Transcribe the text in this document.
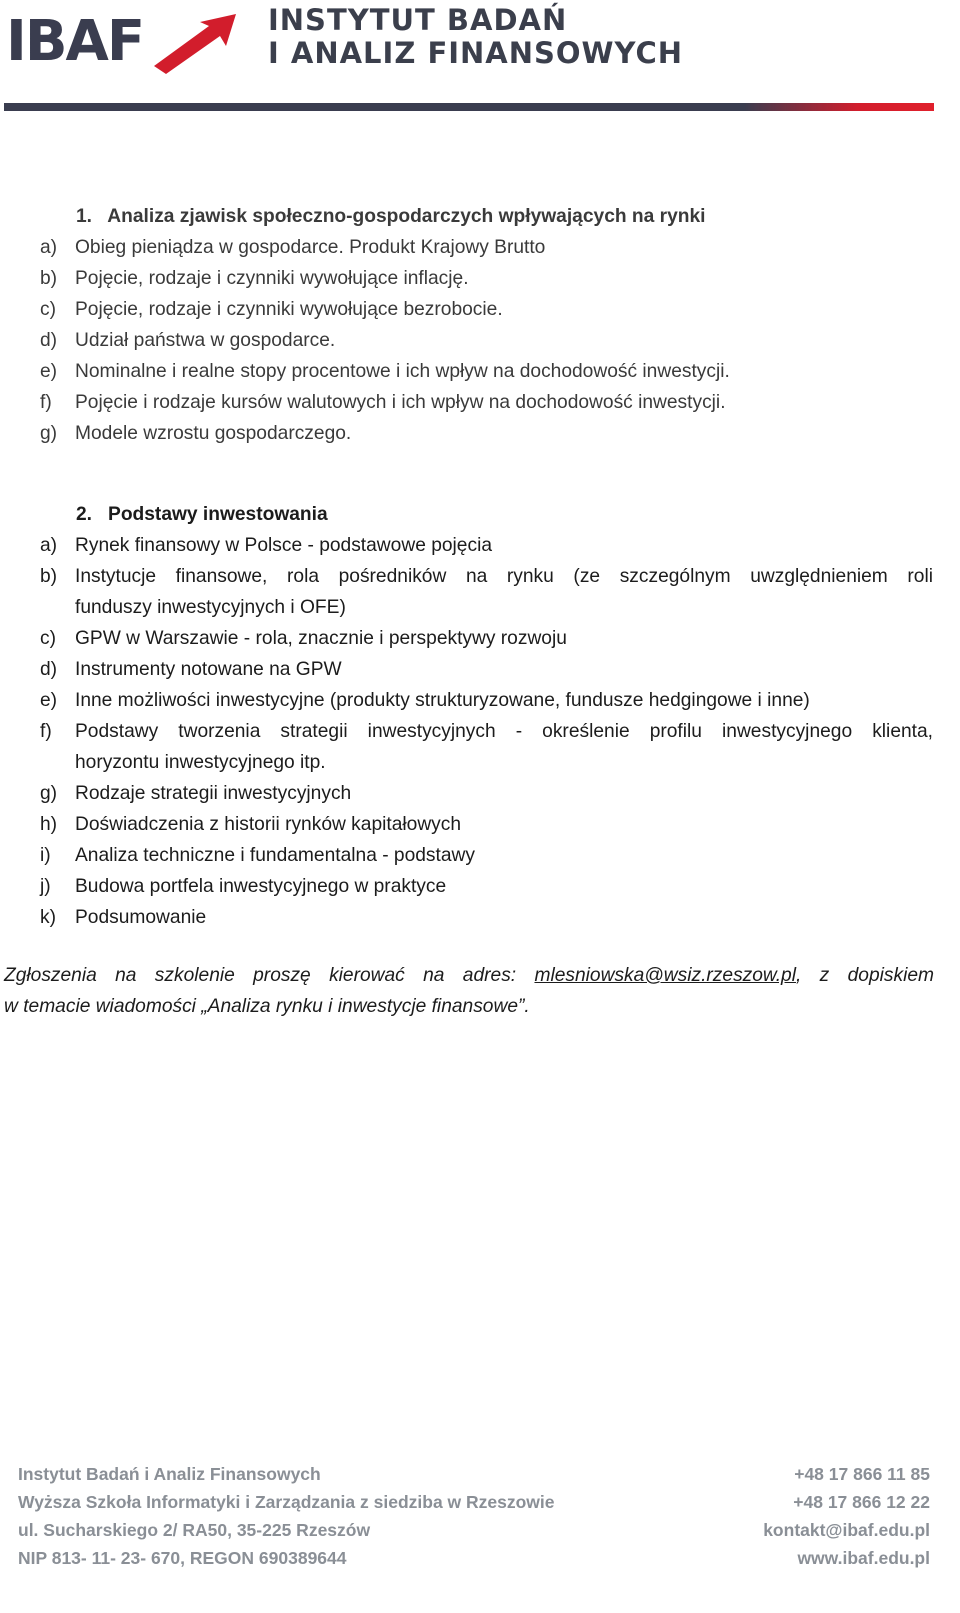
IBAF	INSTYTUT BADAŃ
I ANALIZ FINANSOWYCH
1. Analiza zjawisk społeczno-gospodarczych wpływających na rynki
a) Obieg pieniądza w gospodarce. Produkt Krajowy Brutto
b) Pojęcie, rodzaje i czynniki wywołujące inflację.
c) Pojęcie, rodzaje i czynniki wywołujące bezrobocie.
d) Udział państwa w gospodarce.
e) Nominalne i realne stopy procentowe i ich wpływ na dochodowość inwestycji.
f) Pojęcie i rodzaje kursów walutowych i ich wpływ na dochodowość inwestycji.
g) Modele wzrostu gospodarczego.
2. Podstawy inwestowania
a) Rynek finansowy w Polsce - podstawowe pojęcia
b) Instytucje finansowe, rola pośredników na rynku (ze szczególnym uwzględnieniem roli
funduszy inwestycyjnych i OFE)
c) GPW w Warszawie - rola, znacznie i perspektywy rozwoju
d) Instrumenty notowane na GPW
e) Inne możliwości inwestycyjne (produkty strukturyzowane, fundusze hedgingowe i inne)
f) Podstawy tworzenia strategii inwestycyjnych - określenie profilu inwestycyjnego klienta,
horyzontu inwestycyjnego itp.
g) Rodzaje strategii inwestycyjnych
h) Doświadczenia z historii rynków kapitałowych
i) Analiza techniczne i fundamentalna - podstawy
j) Budowa portfela inwestycyjnego w praktyce
k) Podsumowanie
Zgłoszenia na szkolenie proszę kierować na adres: mlesniowska@wsiz.rzeszow.pl, z dopiskiem
w temacie wiadomości „Analiza rynku i inwestycje finansowe”.
Instytut Badań i Analiz Finansowych
Wyższa Szkoła Informatyki i Zarządzania z siedziba w Rzeszowie
ul. Sucharskiego 2/ RA50, 35-225 Rzeszów
NIP 813- 11- 23- 670, REGON 690389644
+48 17 866 11 85
+48 17 866 12 22
kontakt@ibaf.edu.pl
www.ibaf.edu.pl
